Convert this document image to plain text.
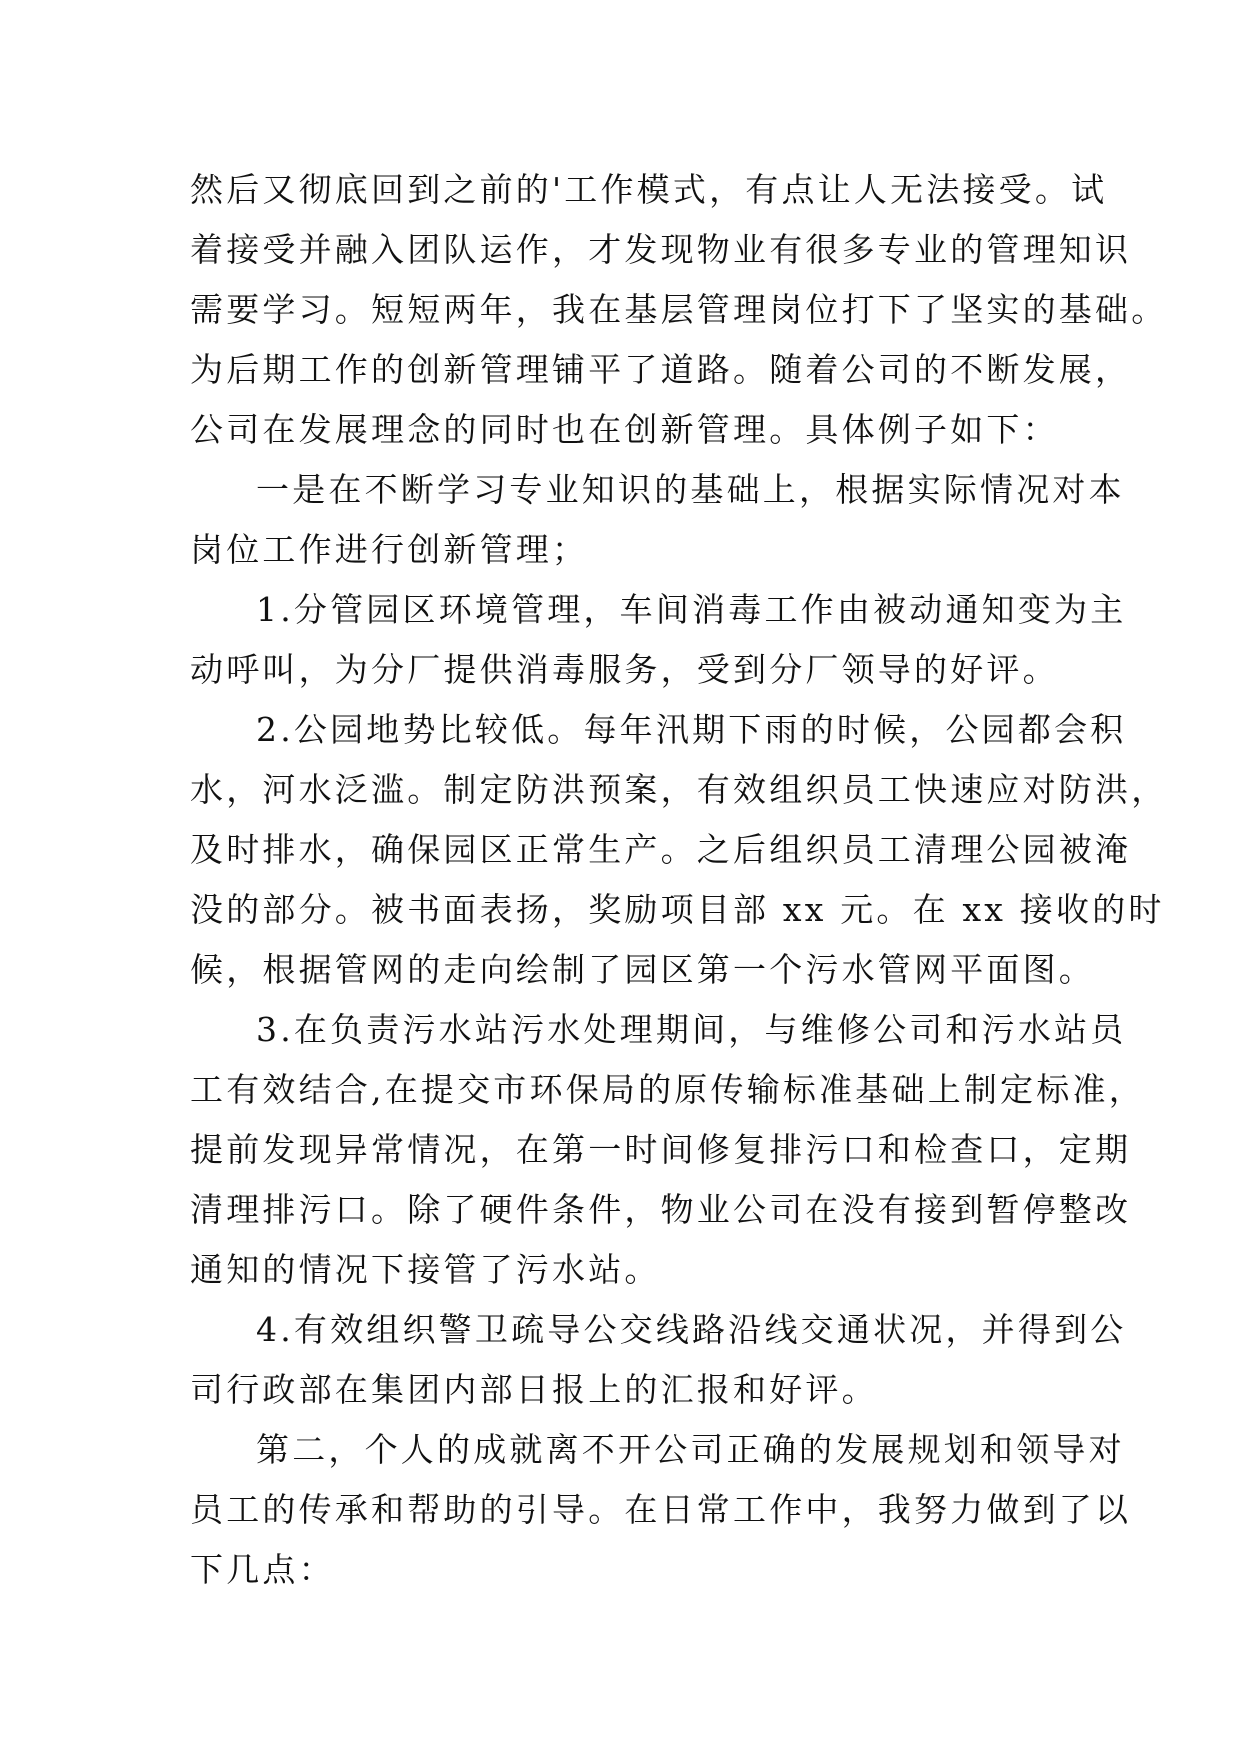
然后又彻底回到之前的'工作模式，有点让人无法接受。试
着接受并融入团队运作，才发现物业有很多专业的管理知识
需要学习。短短两年，我在基层管理岗位打下了坚实的基础。
为后期工作的创新管理铺平了道路。随着公司的不断发展，
公司在发展理念的同时也在创新管理。具体例子如下：
一是在不断学习专业知识的基础上，根据实际情况对本
岗位工作进行创新管理；
1.分管园区环境管理，车间消毒工作由被动通知变为主
动呼叫，为分厂提供消毒服务，受到分厂领导的好评。
2.公园地势比较低。每年汛期下雨的时候，公园都会积
水，河水泛滥。制定防洪预案，有效组织员工快速应对防洪，
及时排水，确保园区正常生产。之后组织员工清理公园被淹
没的部分。被书面表扬，奖励项目部 xx 元。在 xx 接收的时
候，根据管网的走向绘制了园区第一个污水管网平面图。
3.在负责污水站污水处理期间，与维修公司和污水站员
工有效结合,在提交市环保局的原传输标准基础上制定标准，
提前发现异常情况，在第一时间修复排污口和检查口，定期
清理排污口。除了硬件条件，物业公司在没有接到暂停整改
通知的情况下接管了污水站。
4.有效组织警卫疏导公交线路沿线交通状况，并得到公
司行政部在集团内部日报上的汇报和好评。
第二，个人的成就离不开公司正确的发展规划和领导对
员工的传承和帮助的引导。在日常工作中，我努力做到了以
下几点：
